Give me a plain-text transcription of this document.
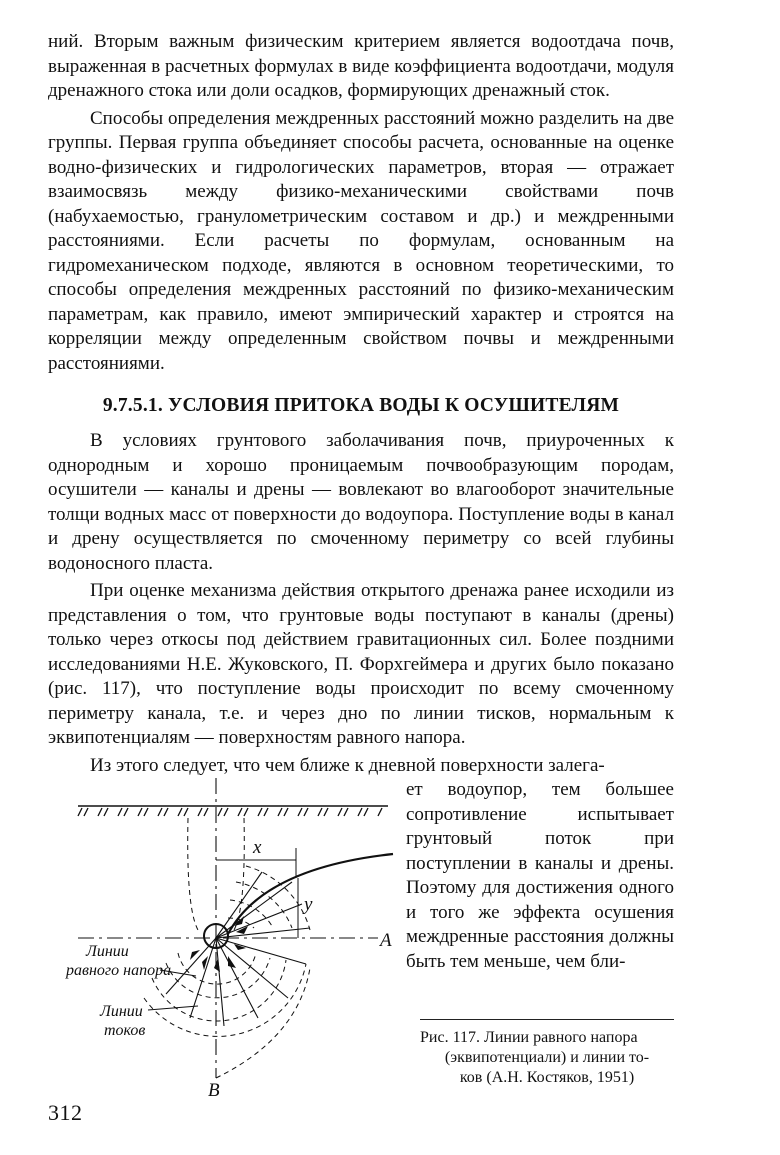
ний. Вторым важным физическим критерием является водоотдача почв, выраженная в расчетных формулах в виде коэффициента водоотдачи, модуля дренажного стока или доли осадков, формирующих дренажный сток.

Способы определения междренных расстояний можно разделить на две группы. Первая группа объединяет способы расчета, основанные на оценке водно-физических и гидрологических параметров, вторая — отражает взаимосвязь между физико-механическими свойствами почв (набухаемостью, гранулометрическим составом и др.) и междренными расстояниями. Если расчеты по формулам, основанным на гидромеханическом подходе, являются в основном теоретическими, то способы определения междренных расстояний по физико-механическим параметрам, как правило, имеют эмпирический характер и строятся на корреляции между определенным свойством почвы и междренными расстояниями.

9.7.5.1. УСЛОВИЯ ПРИТОКА ВОДЫ К ОСУШИТЕЛЯМ

В условиях грунтового заболачивания почв, приуроченных к однородным и хорошо проницаемым почвообразующим породам, осушители — каналы и дрены — вовлекают во влагооборот значительные толщи водных масс от поверхности до водоупора. Поступление воды в канал и дрену осуществляется по смоченному периметру со всей глубины водоносного пласта.

При оценке механизма действия открытого дренажа ранее исходили из представления о том, что грунтовые воды поступают в каналы (дрены) только через откосы под действием гравитационных сил. Более поздними исследованиями Н.Е. Жуковского, П. Форхгеймера и других было показано (рис. 117), что поступление воды происходит по всему смоченному периметру канала, т.е. и через дно по линии тисков, нормальным к эквипотенциалям — поверхностям равного напора.

Из этого следует, что чем ближе к дневной поверхности залега-

x
y
А
В
Линии
равного напора
Линии
токов

ет водоупор, тем большее сопротивление испытывает грунтовый поток при поступлении в каналы и дрены. Поэтому для достижения одного и того же эффекта осушения междренные расстояния должны быть тем меньше, чем бли-

Рис. 117. Линии равного напора
(эквипотенциали) и линии то-
ков (А.Н. Костяков, 1951)
312
